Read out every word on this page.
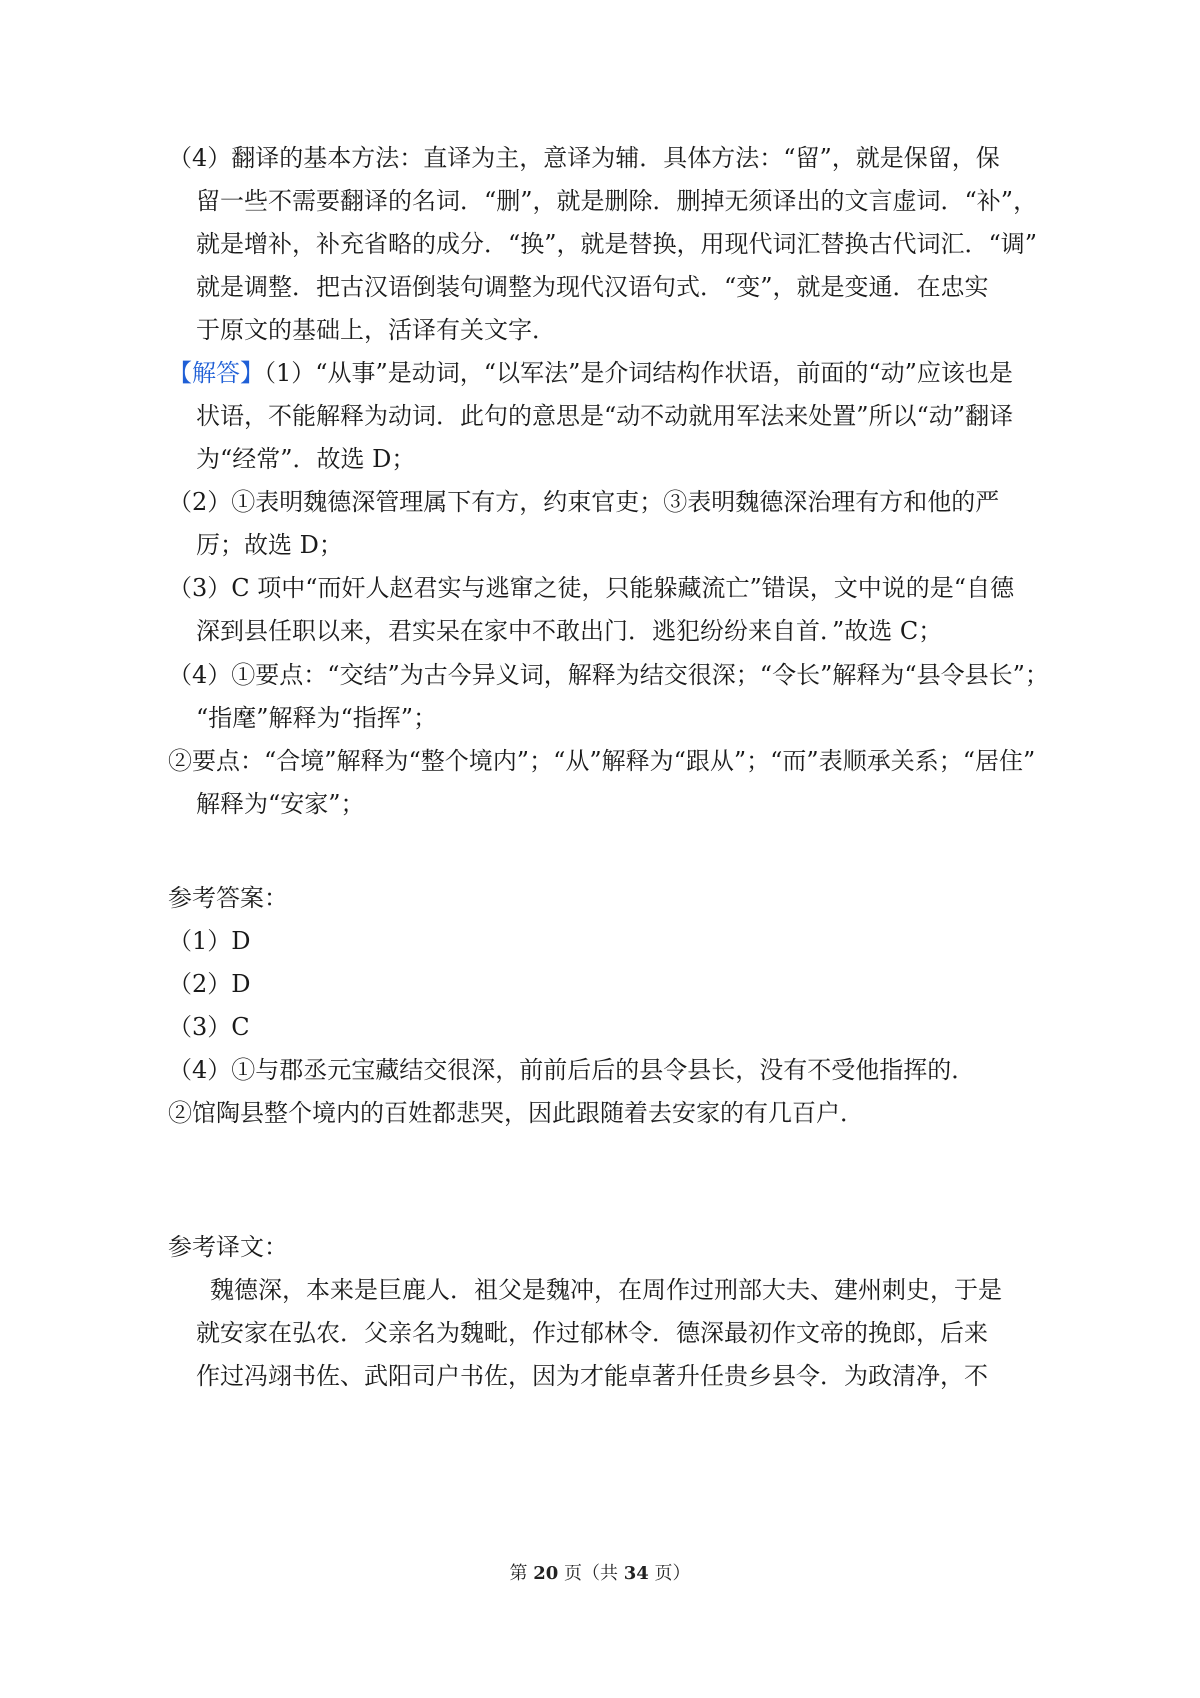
（4）翻译的基本方法：直译为主，意译为辅．具体方法：“留”，就是保留，保
留一些不需要翻译的名词．“删”，就是删除．删掉无须译出的文言虚词．“补”，
就是增补，补充省略的成分．“换”，就是替换，用现代词汇替换古代词汇．“调”
就是调整．把古汉语倒装句调整为现代汉语句式．“变”，就是变通．在忠实
于原文的基础上，活译有关文字．
【解答】（1）“从事”是动词，“以军法”是介词结构作状语，前面的“动”应该也是
状语，不能解释为动词．此句的意思是“动不动就用军法来处置”所以“动”翻译
为“经常”．故选 D；
（2）①表明魏德深管理属下有方，约束官吏；③表明魏德深治理有方和他的严
厉；故选 D；
（3）C 项中“而奸人赵君实与逃窜之徒，只能躲藏流亡”错误，文中说的是“自德
深到县任职以来，君实呆在家中不敢出门．逃犯纷纷来自首．”故选 C；
（4）①要点：“交结”为古今异义词，解释为结交很深；“令长”解释为“县令县长”；
“指麾”解释为“指挥”；
②要点：“合境”解释为“整个境内”；“从”解释为“跟从”；“而”表顺承关系；“居住”
解释为“安家”；
参考答案：
（1）D
（2）D
（3）C
（4）①与郡丞元宝藏结交很深，前前后后的县令县长，没有不受他指挥的．
②馆陶县整个境内的百姓都悲哭，因此跟随着去安家的有几百户．
参考译文：
魏德深，本来是巨鹿人．祖父是魏冲，在周作过刑部大夫、建州刺史，于是
就安家在弘农．父亲名为魏毗，作过郁林令．德深最初作文帝的挽郎，后来
作过冯翊书佐、武阳司户书佐，因为才能卓著升任贵乡县令．为政清净，不
第 20 页（共 34 页）
